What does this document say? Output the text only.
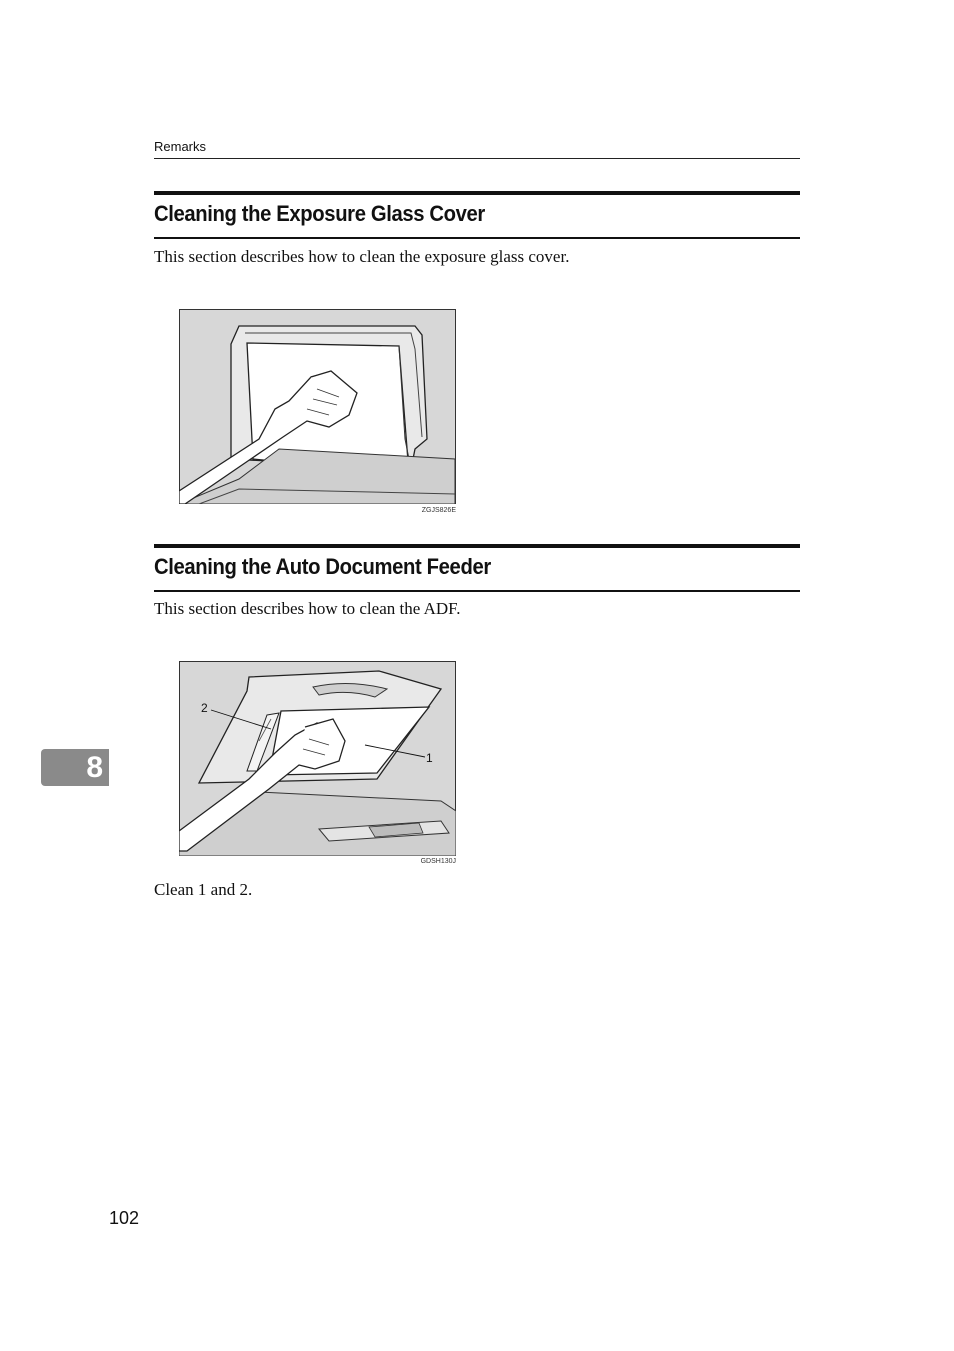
Remarks
Cleaning the Exposure Glass Cover

This section describes how to clean the exposure glass cover.

ZGJS826E
Cleaning the Auto Document Feeder

This section describes how to clean the ADF.

1
2
GDSH130J

Clean 1 and 2.

8
102
